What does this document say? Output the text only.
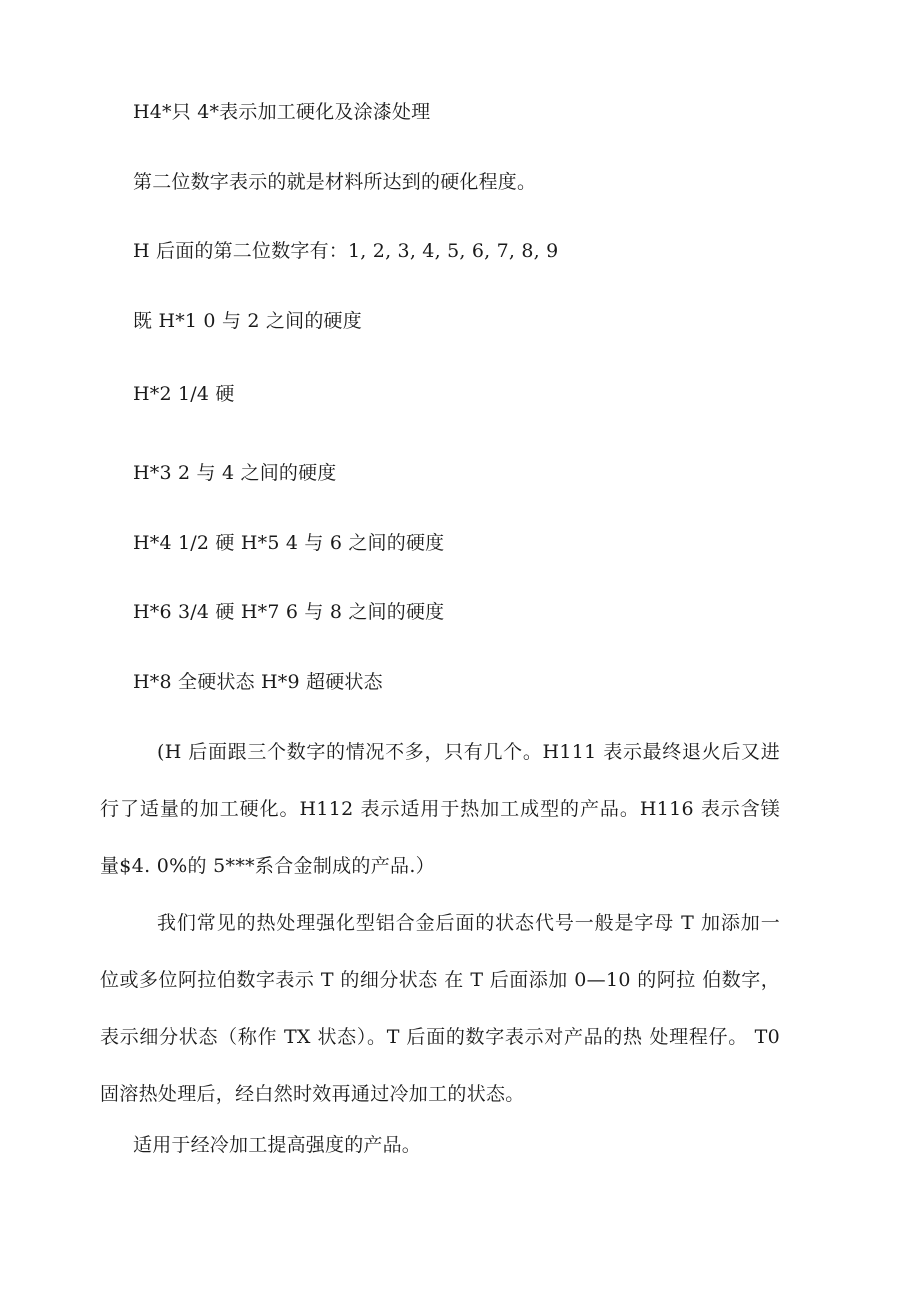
H4*只 4*表示加工硬化及涂漆处理
第二位数字表示的就是材料所达到的硬化程度。
H 后面的第二位数字有：1, 2, 3, 4, 5, 6, 7, 8, 9
既 H*1 0 与 2 之间的硬度
H*2 1/4 硬
H*3 2 与 4 之间的硬度
H*4 1/2 硬 H*5 4 与 6 之间的硬度
H*6 3/4 硬 H*7 6 与 8 之间的硬度
H*8 全硬状态 H*9 超硬状态
(H 后面跟三个数字的情况不多，只有几个。H111 表示最终退火后又进行了适量的加工硬化。H112 表示适用于热加工成型的产品。H116 表示含镁量$4. 0%的 5***系合金制成的产品.）
我们常见的热处理强化型铝合金后面的状态代号一般是字母 T 加添加一位或多位阿拉伯数字表示 T 的细分状态 在 T 后面添加 0—10 的阿拉 伯数字，表示细分状态（称作 TX 状态）。T 后面的数字表示对产品的热 处理程仔。 T0 固溶热处理后，经白然时效再通过冷加工的状态。
适用于经冷加工提高强度的产品。
